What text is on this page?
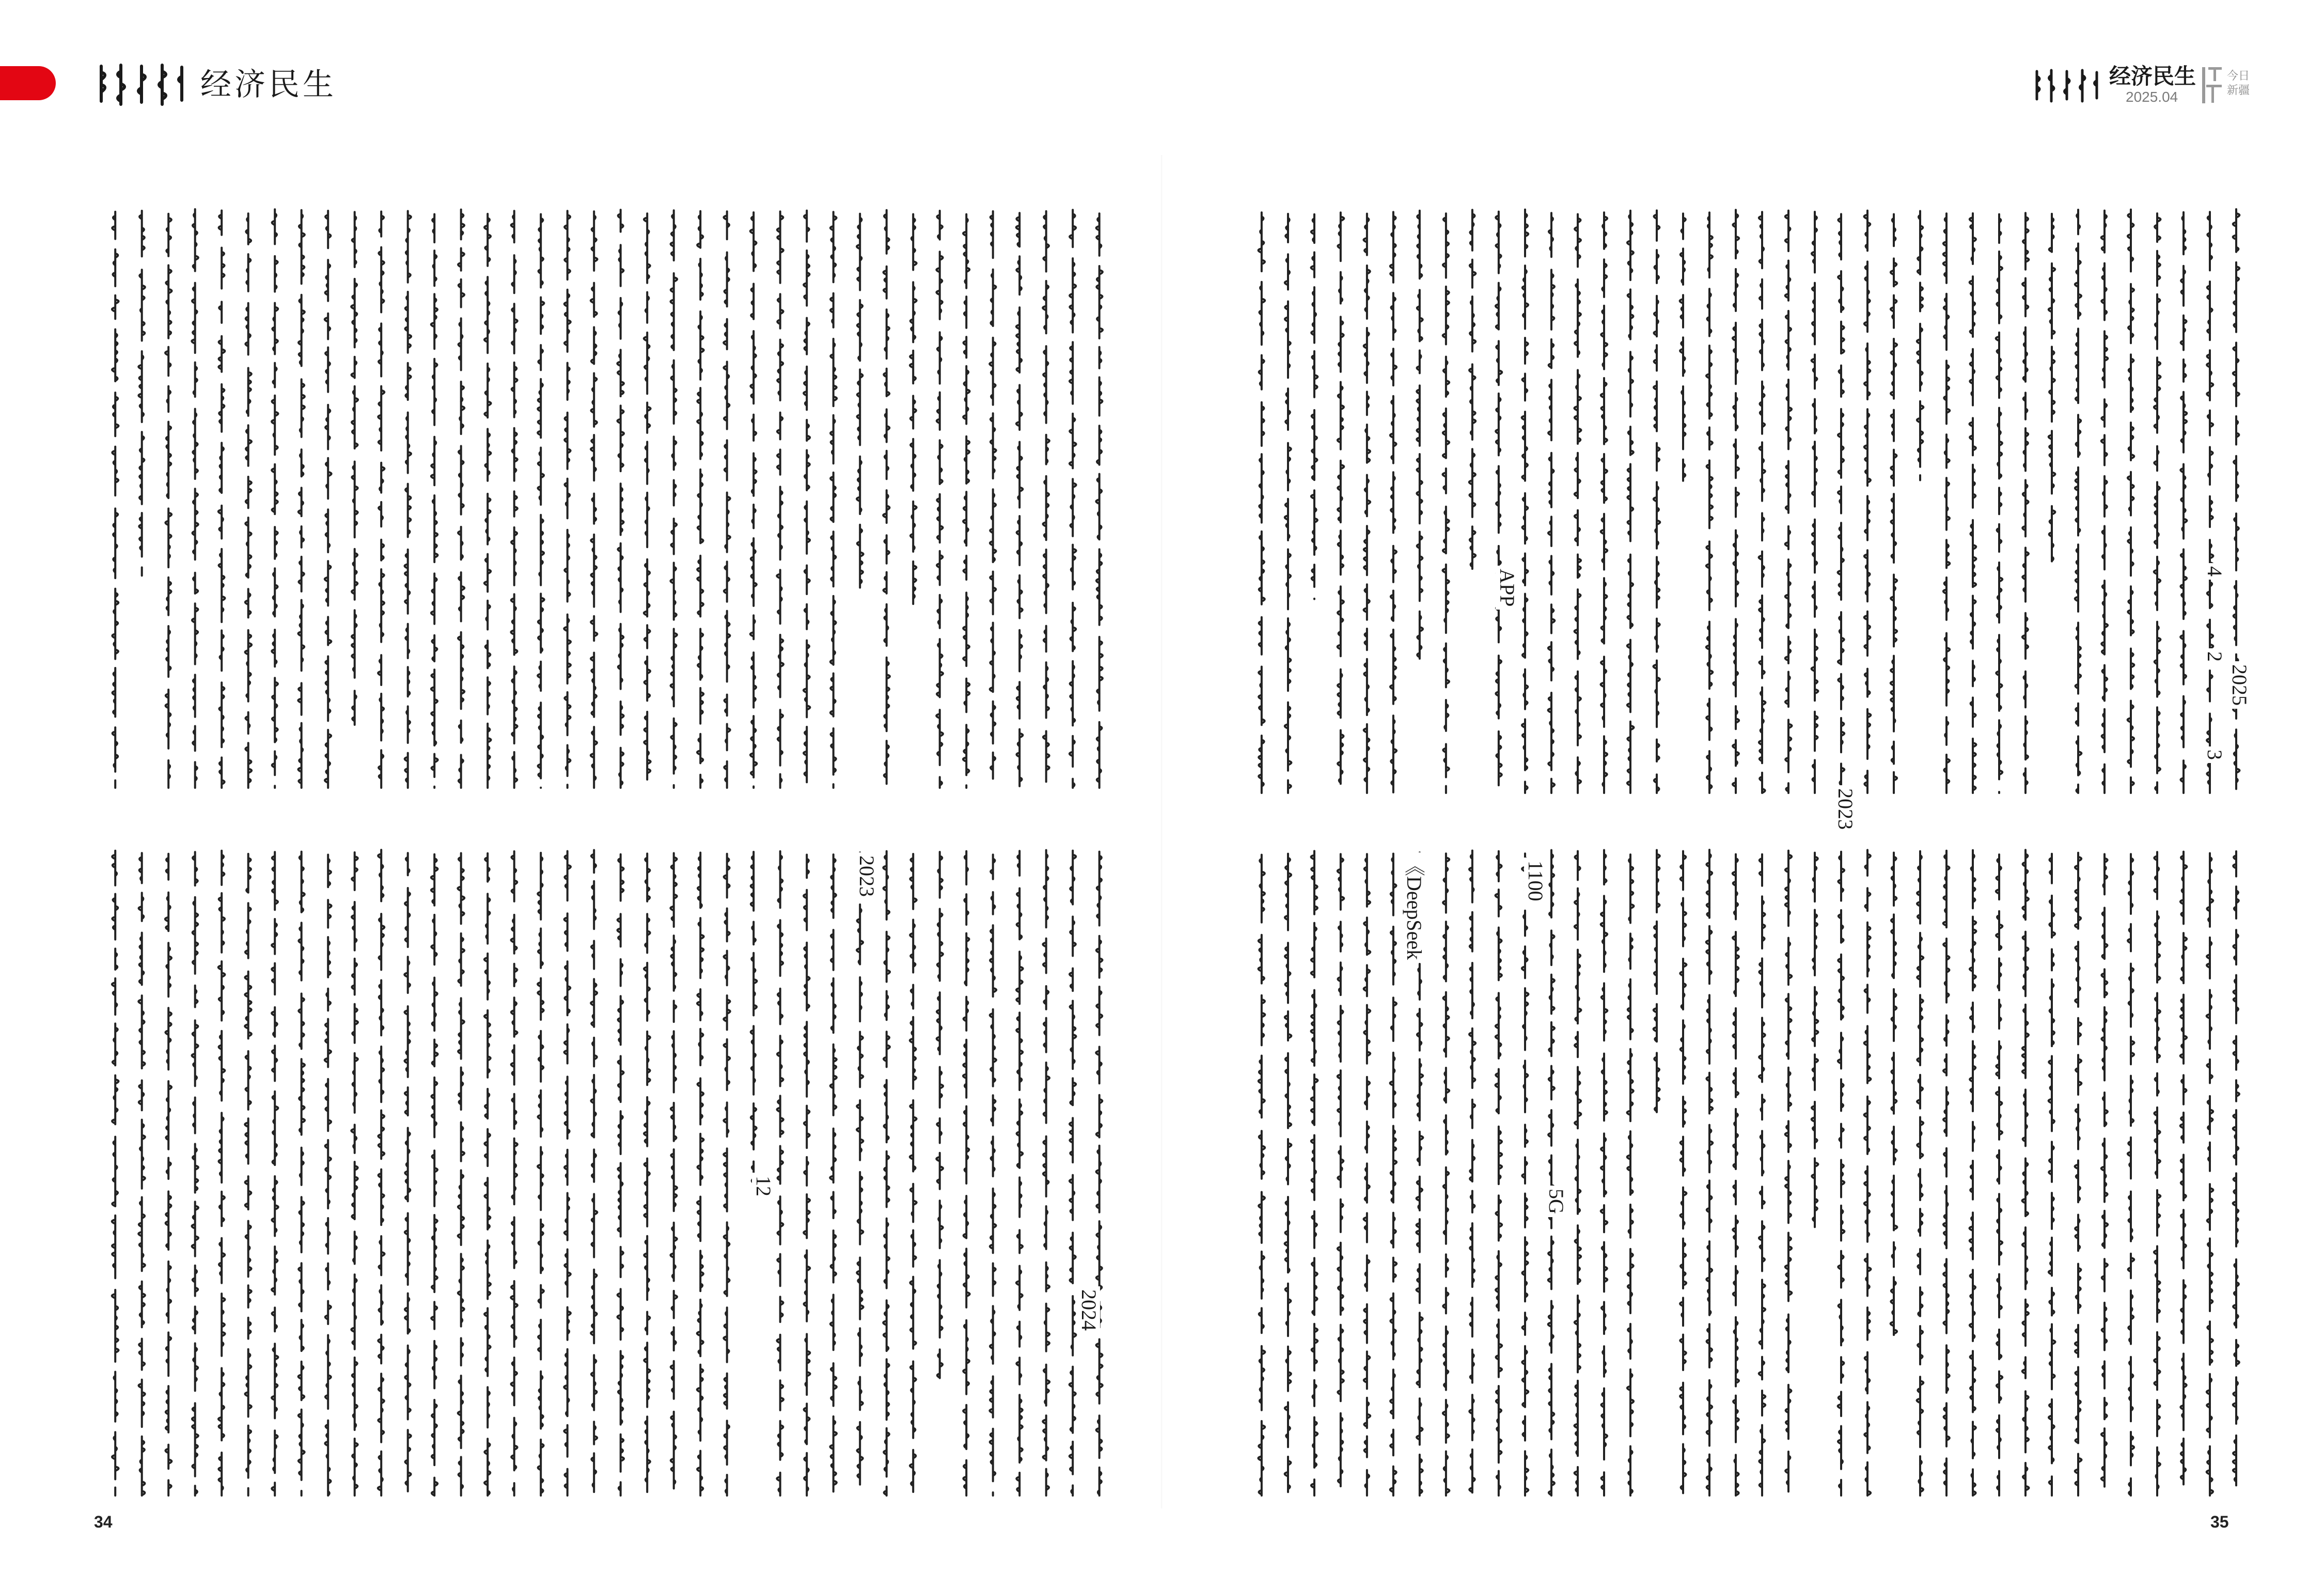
经济民生	经济民生
2025.04
今日新疆
2025
3
2
4
2023
APP
5G
1100
《DeepSeek
2024
2023
12
34	35
